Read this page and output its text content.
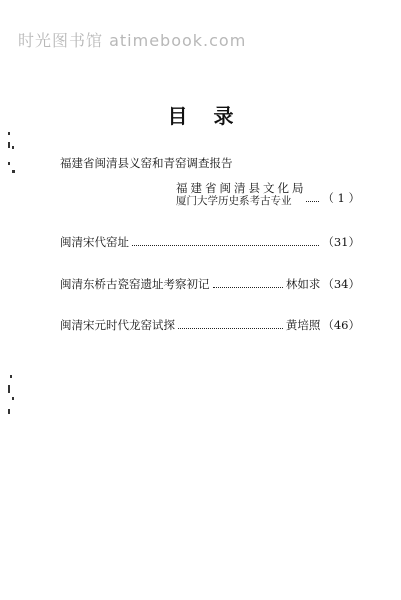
时光图书馆 atimebook.com
目录
福建省闽清县义窑和青窑调查报告
福建省闽清县文化局
厦门大学历史系考古专业	（ 1 ）
闽清宋代窑址	（31）
闽清东桥古瓷窑遗址考察初记	林如求 （34）
闽清宋元时代龙窑试探	黄培照 （46）
